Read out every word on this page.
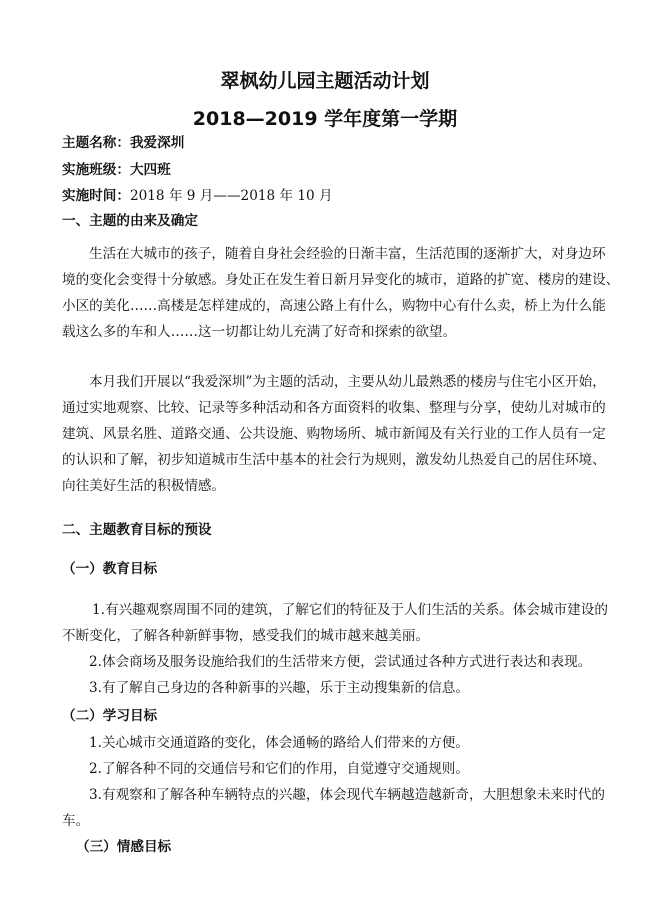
翠枫幼儿园主题活动计划
2018—2019 学年度第一学期
主题名称：我爱深圳
实施班级：大四班
实施时间：2018 年 9 月——2018 年 10 月
一、主题的由来及确定
生活在大城市的孩子，随着自身社会经验的日渐丰富，生活范围的逐渐扩大，对身边环
境的变化会变得十分敏感。身处正在发生着日新月异变化的城市，道路的扩宽、楼房的建设、
小区的美化……高楼是怎样建成的，高速公路上有什么，购物中心有什么卖，桥上为什么能
载这么多的车和人……这一切都让幼儿充满了好奇和探索的欲望。
本月我们开展以“我爱深圳”为主题的活动，主要从幼儿最熟悉的楼房与住宅小区开始，
通过实地观察、比较、记录等多种活动和各方面资料的收集、整理与分享，使幼儿对城市的
建筑、风景名胜、道路交通、公共设施、购物场所、城市新闻及有关行业的工作人员有一定
的认识和了解，初步知道城市生活中基本的社会行为规则，激发幼儿热爱自己的居住环境、
向往美好生活的积极情感。
二、主题教育目标的预设
（一）教育目标
1.有兴趣观察周围不同的建筑，了解它们的特征及于人们生活的关系。体会城市建设的
不断变化，了解各种新鲜事物，感受我们的城市越来越美丽。
2.体会商场及服务设施给我们的生活带来方便，尝试通过各种方式进行表达和表现。
3.有了解自己身边的各种新事的兴趣，乐于主动搜集新的信息。
（二）学习目标
1.关心城市交通道路的变化，体会通畅的路给人们带来的方便。
2.了解各种不同的交通信号和它们的作用，自觉遵守交通规则。
3.有观察和了解各种车辆特点的兴趣，体会现代车辆越造越新奇，大胆想象未来时代的
车。
（三）情感目标
